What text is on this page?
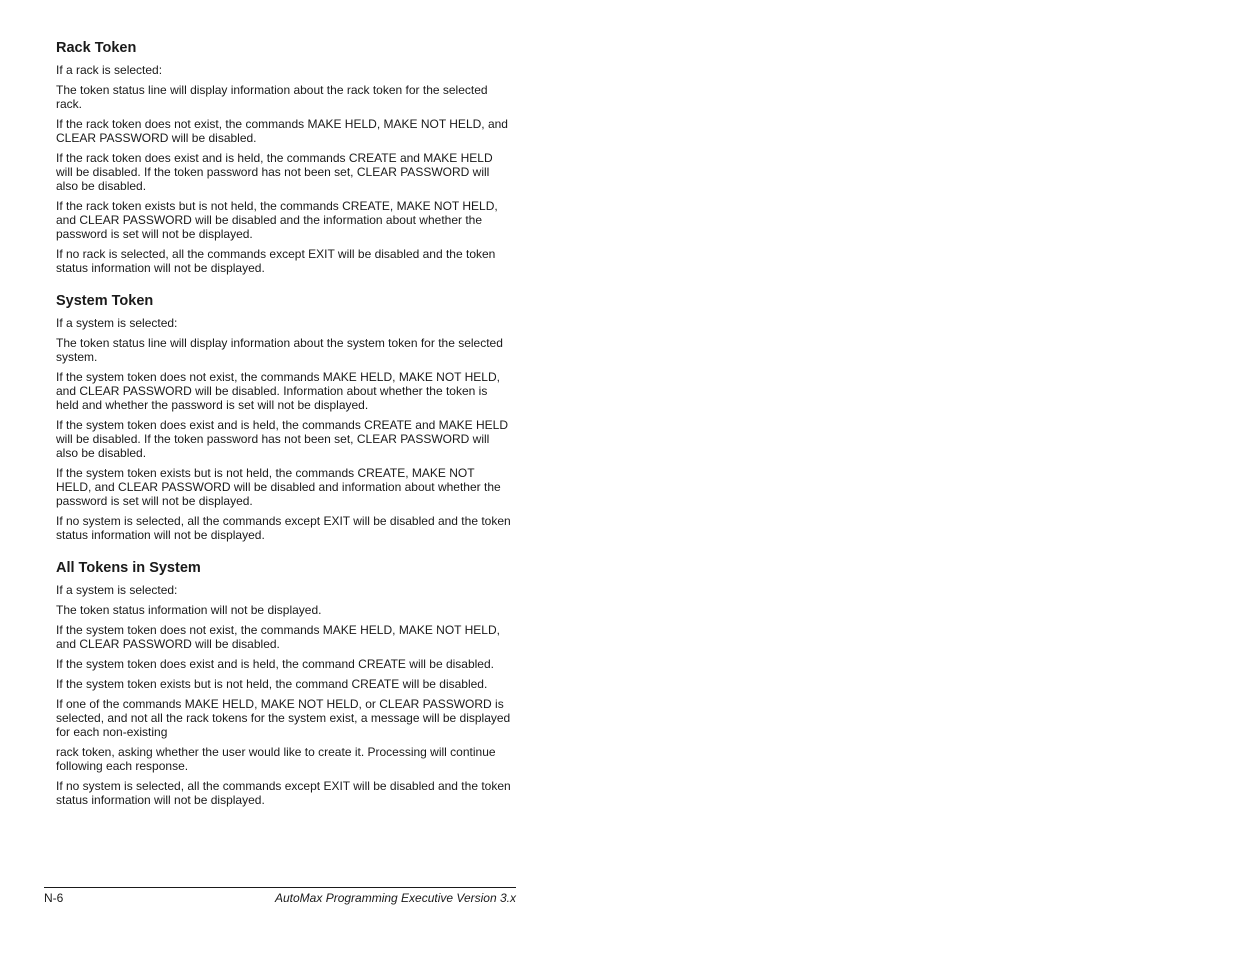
Rack Token

If a rack is selected:

The token status line will display information about the rack token for the selected rack.

If the rack token does not exist, the commands MAKE HELD, MAKE NOT HELD, and CLEAR PASSWORD will be disabled.

If the rack token does exist and is held, the commands CREATE and MAKE HELD will be disabled. If the token password has not been set, CLEAR PASSWORD will also be disabled.

If the rack token exists but is not held, the commands CREATE, MAKE NOT HELD, and CLEAR PASSWORD will be disabled and the information about whether the password is set will not be displayed.

If no rack is selected, all the commands except EXIT will be disabled and the token status information will not be displayed.

System Token

If a system is selected:

The token status line will display information about the system token for the selected system.

If the system token does not exist, the commands MAKE HELD, MAKE NOT HELD, and CLEAR PASSWORD will be disabled. Information about whether the token is held and whether the password is set will not be displayed.

If the system token does exist and is held, the commands CREATE and MAKE HELD will be disabled. If the token password has not been set, CLEAR PASSWORD will also be disabled.

If the system token exists but is not held, the commands CREATE, MAKE NOT HELD, and CLEAR PASSWORD will be disabled and information about whether the password is set will not be displayed.

If no system is selected, all the commands except EXIT will be disabled and the token status information will not be displayed.

All Tokens in System

If a system is selected:

The token status information will not be displayed.

If the system token does not exist, the commands MAKE HELD, MAKE NOT HELD, and CLEAR PASSWORD will be disabled.

If the system token does exist and is held, the command CREATE will be disabled.

If the system token exists but is not held, the command CREATE will be disabled.

If one of the commands MAKE HELD, MAKE NOT HELD, or CLEAR PASSWORD is selected, and not all the rack tokens for the system exist, a message will be displayed for each non-existing

rack token, asking whether the user would like to create it. Processing will continue following each response.

If no system is selected, all the commands except EXIT will be disabled and the token status information will not be displayed.

N-6	AutoMax Programming Executive Version 3.x
